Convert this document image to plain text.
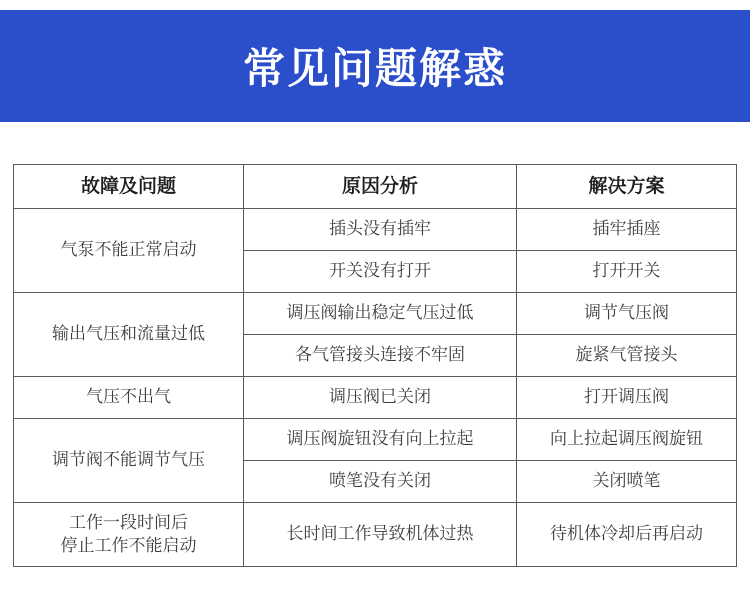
常见问题解惑
故障及问题	原因分析	解决方案

气泵不能正常启动	插头没有插牢	插牢插座
	开关没有打开	打开开关

输出气压和流量过低	调压阀输出稳定气压过低	调节气压阀
	各气管接头连接不牢固	旋紧气管接头

气压不出气	调压阀已关闭	打开调压阀

调节阀不能调节气压	调压阀旋钮没有向上拉起	向上拉起调压阀旋钮
	喷笔没有关闭	关闭喷笔

工作一段时间后
停止工作不能启动	长时间工作导致机体过热	待机体冷却后再启动
